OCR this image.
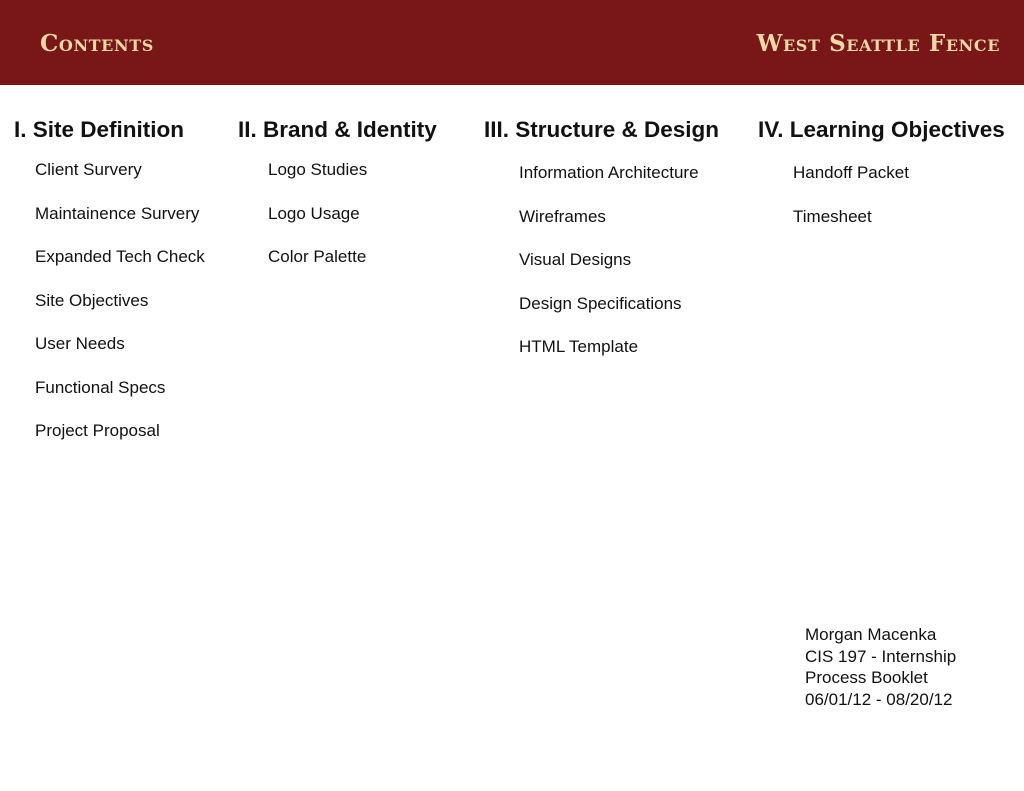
Contents	West Seattle Fence
I. Site Definition
Client Survery
Maintainence Survery
Expanded Tech Check
Site Objectives
User Needs
Functional Specs
Project Proposal
II. Brand & Identity
Logo Studies
Logo Usage
Color Palette
III. Structure & Design
Information Architecture
Wireframes
Visual Designs
Design Specifications
HTML Template
IV. Learning Objectives
Handoff Packet
Timesheet
Morgan Macenka
CIS 197 - Internship
Process Booklet
06/01/12 - 08/20/12
